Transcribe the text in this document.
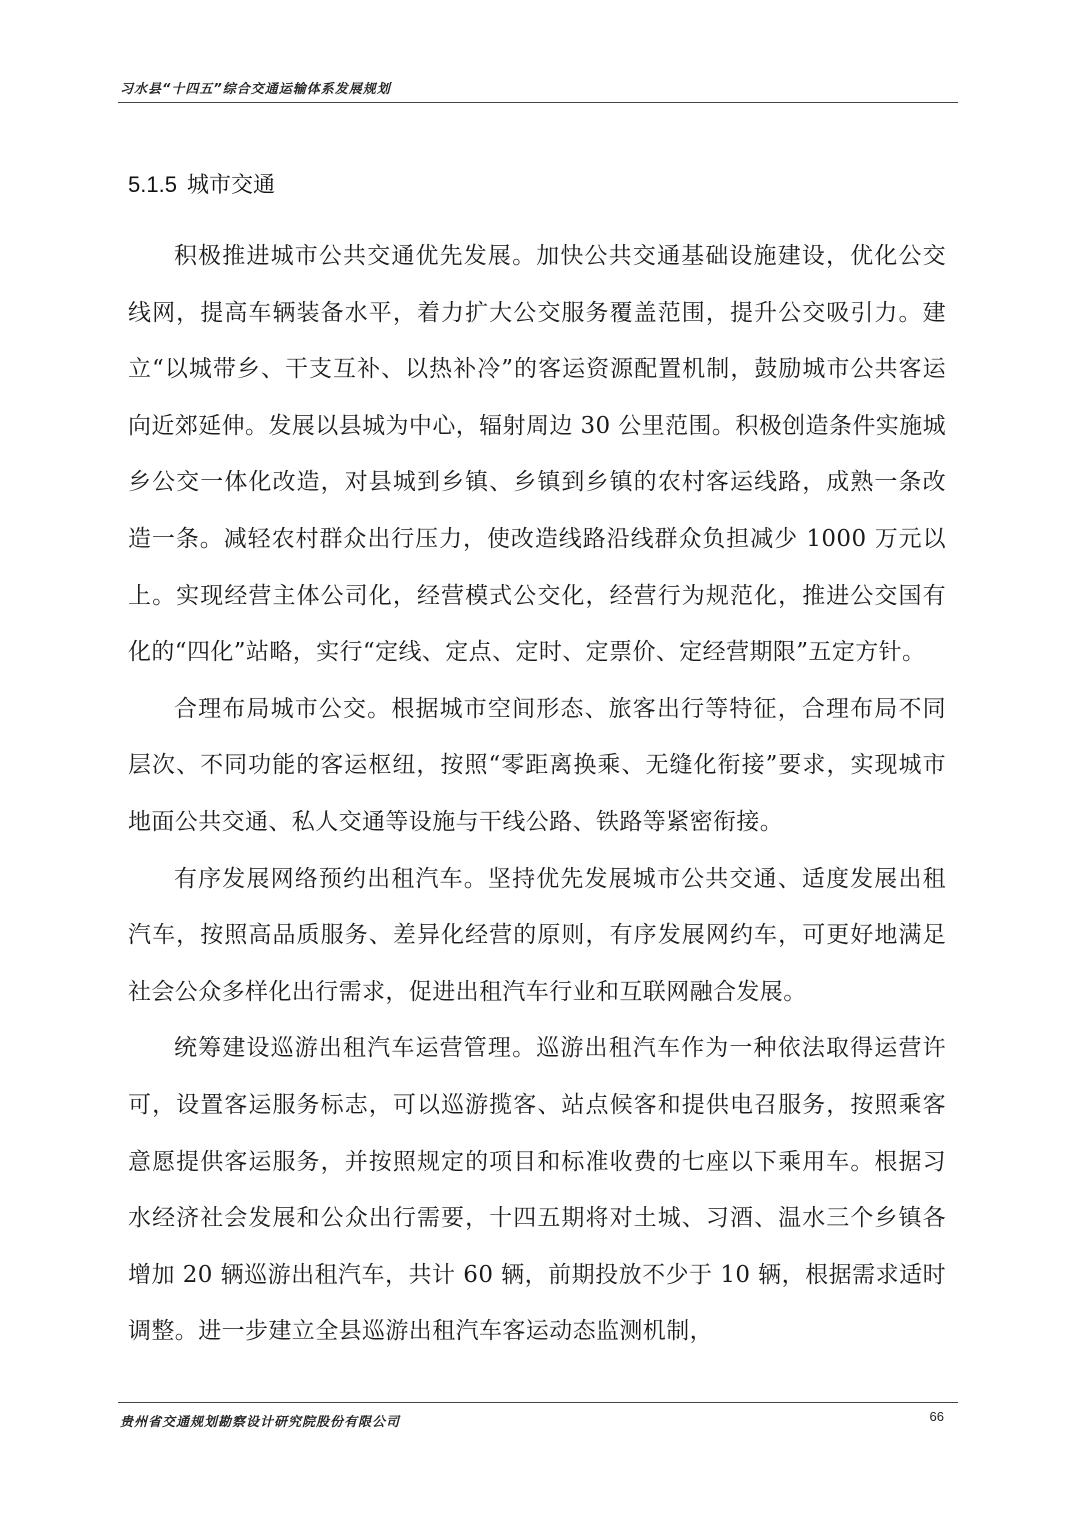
习水县“十四五”综合交通运输体系发展规划
5.1.5 城市交通

积极推进城市公共交通优先发展。加快公共交通基础设施建设，优化公交线网，提高车辆装备水平，着力扩大公交服务覆盖范围，提升公交吸引力。建立“以城带乡、干支互补、以热补冷”的客运资源配置机制，鼓励城市公共客运向近郊延伸。发展以县城为中心，辐射周边 30 公里范围。积极创造条件实施城乡公交一体化改造，对县城到乡镇、乡镇到乡镇的农村客运线路，成熟一条改造一条。减轻农村群众出行压力，使改造线路沿线群众负担减少 1000 万元以上。实现经营主体公司化，经营模式公交化，经营行为规范化，推进公交国有化的“四化”站略，实行“定线、定点、定时、定票价、定经营期限”五定方针。

合理布局城市公交。根据城市空间形态、旅客出行等特征，合理布局不同层次、不同功能的客运枢纽，按照“零距离换乘、无缝化衔接”要求，实现城市地面公共交通、私人交通等设施与干线公路、铁路等紧密衔接。

有序发展网络预约出租汽车。坚持优先发展城市公共交通、适度发展出租汽车，按照高品质服务、差异化经营的原则，有序发展网约车，可更好地满足社会公众多样化出行需求，促进出租汽车行业和互联网融合发展。

统筹建设巡游出租汽车运营管理。巡游出租汽车作为一种依法取得运营许可，设置客运服务标志，可以巡游揽客、站点候客和提供电召服务，按照乘客意愿提供客运服务，并按照规定的项目和标准收费的七座以下乘用车。根据习水经济社会发展和公众出行需要，十四五期将对土城、习酒、温水三个乡镇各增加 20 辆巡游出租汽车，共计 60 辆，前期投放不少于 10 辆，根据需求适时调整。进一步建立全县巡游出租汽车客运动态监测机制，

贵州省交通规划勘察设计研究院股份有限公司	66
